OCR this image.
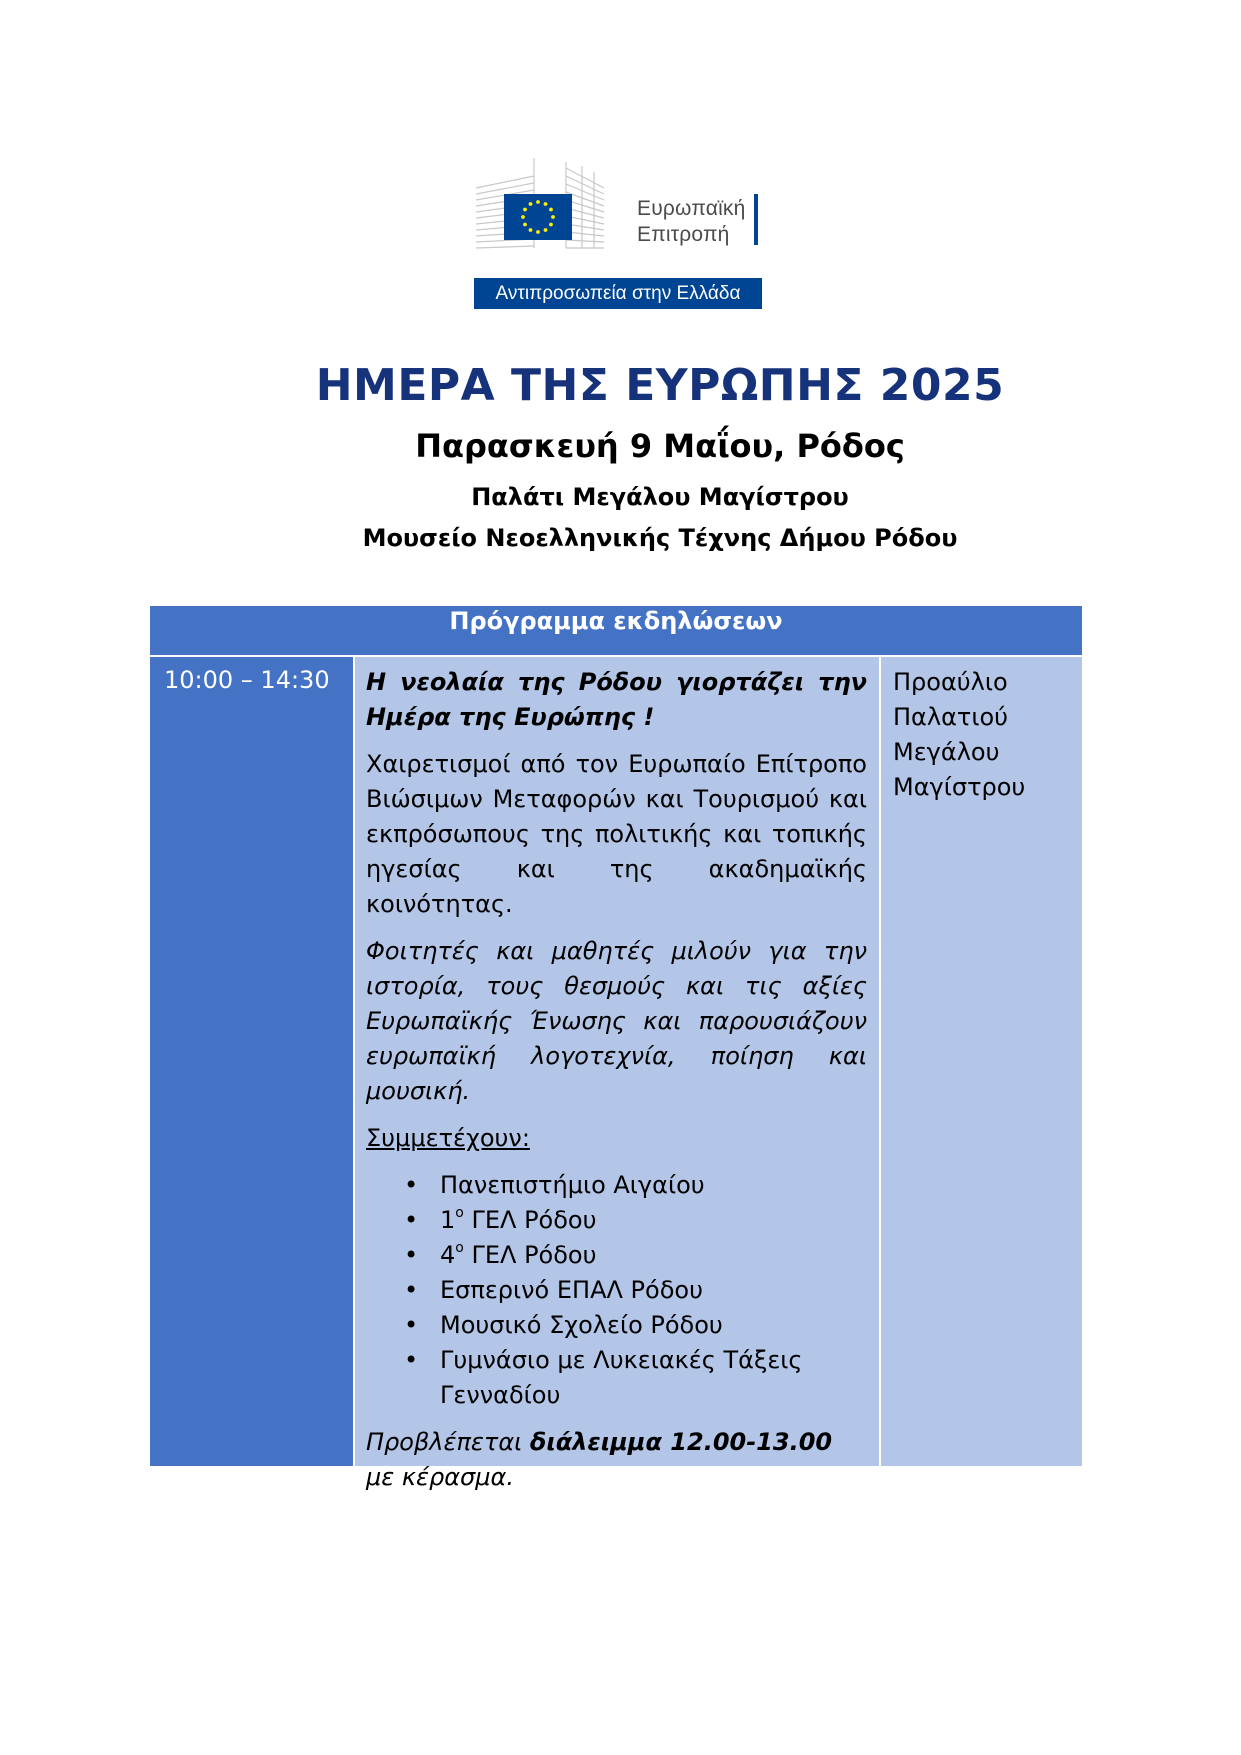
Ευρωπαϊκή
Επιτροπή
Αντιπροσωπεία στην Ελλάδα
ΗΜΕΡΑ ΤΗΣ ΕΥΡΩΠΗΣ 2025
Παρασκευή 9 Μαΐου, Ρόδος
Παλάτι Μεγάλου Μαγίστρου
Μουσείο Νεοελληνικής Τέχνης Δήμου Ρόδου
Πρόγραμμα εκδηλώσεων
10:00 – 14:30	Η νεολαία της Ρόδου γιορτάζει την Ημέρα της Ευρώπης !

Χαιρετισμοί από τον Ευρωπαίο Επίτροπο Βιώσιμων Μεταφορών και Τουρισμού και εκπρόσωπους της πολιτικής και τοπικής ηγεσίας και της ακαδημαϊκής κοινότητας.

Φοιτητές και μαθητές μιλούν για την ιστορία, τους θεσμούς και τις αξίες Ευρωπαϊκής Ένωσης και παρουσιάζουν ευρωπαϊκή λογοτεχνία, ποίηση και μουσική.

Συμμετέχουν:

• Πανεπιστήμιο Αιγαίου
• $1^o$ ΓΕΛ Ρόδου
• $4^o$ ΓΕΛ Ρόδου
• Εσπερινό ΕΠΑΛ Ρόδου
• Μουσικό Σχολείο Ρόδου
• Γυμνάσιο με Λυκειακές Τάξεις Γενναδίου

Προβλέπεται διάλειμμα 12.00-13.00
με κέρασμα.

Προαύλιο
Παλατιού
Μεγάλου
Μαγίστρου
